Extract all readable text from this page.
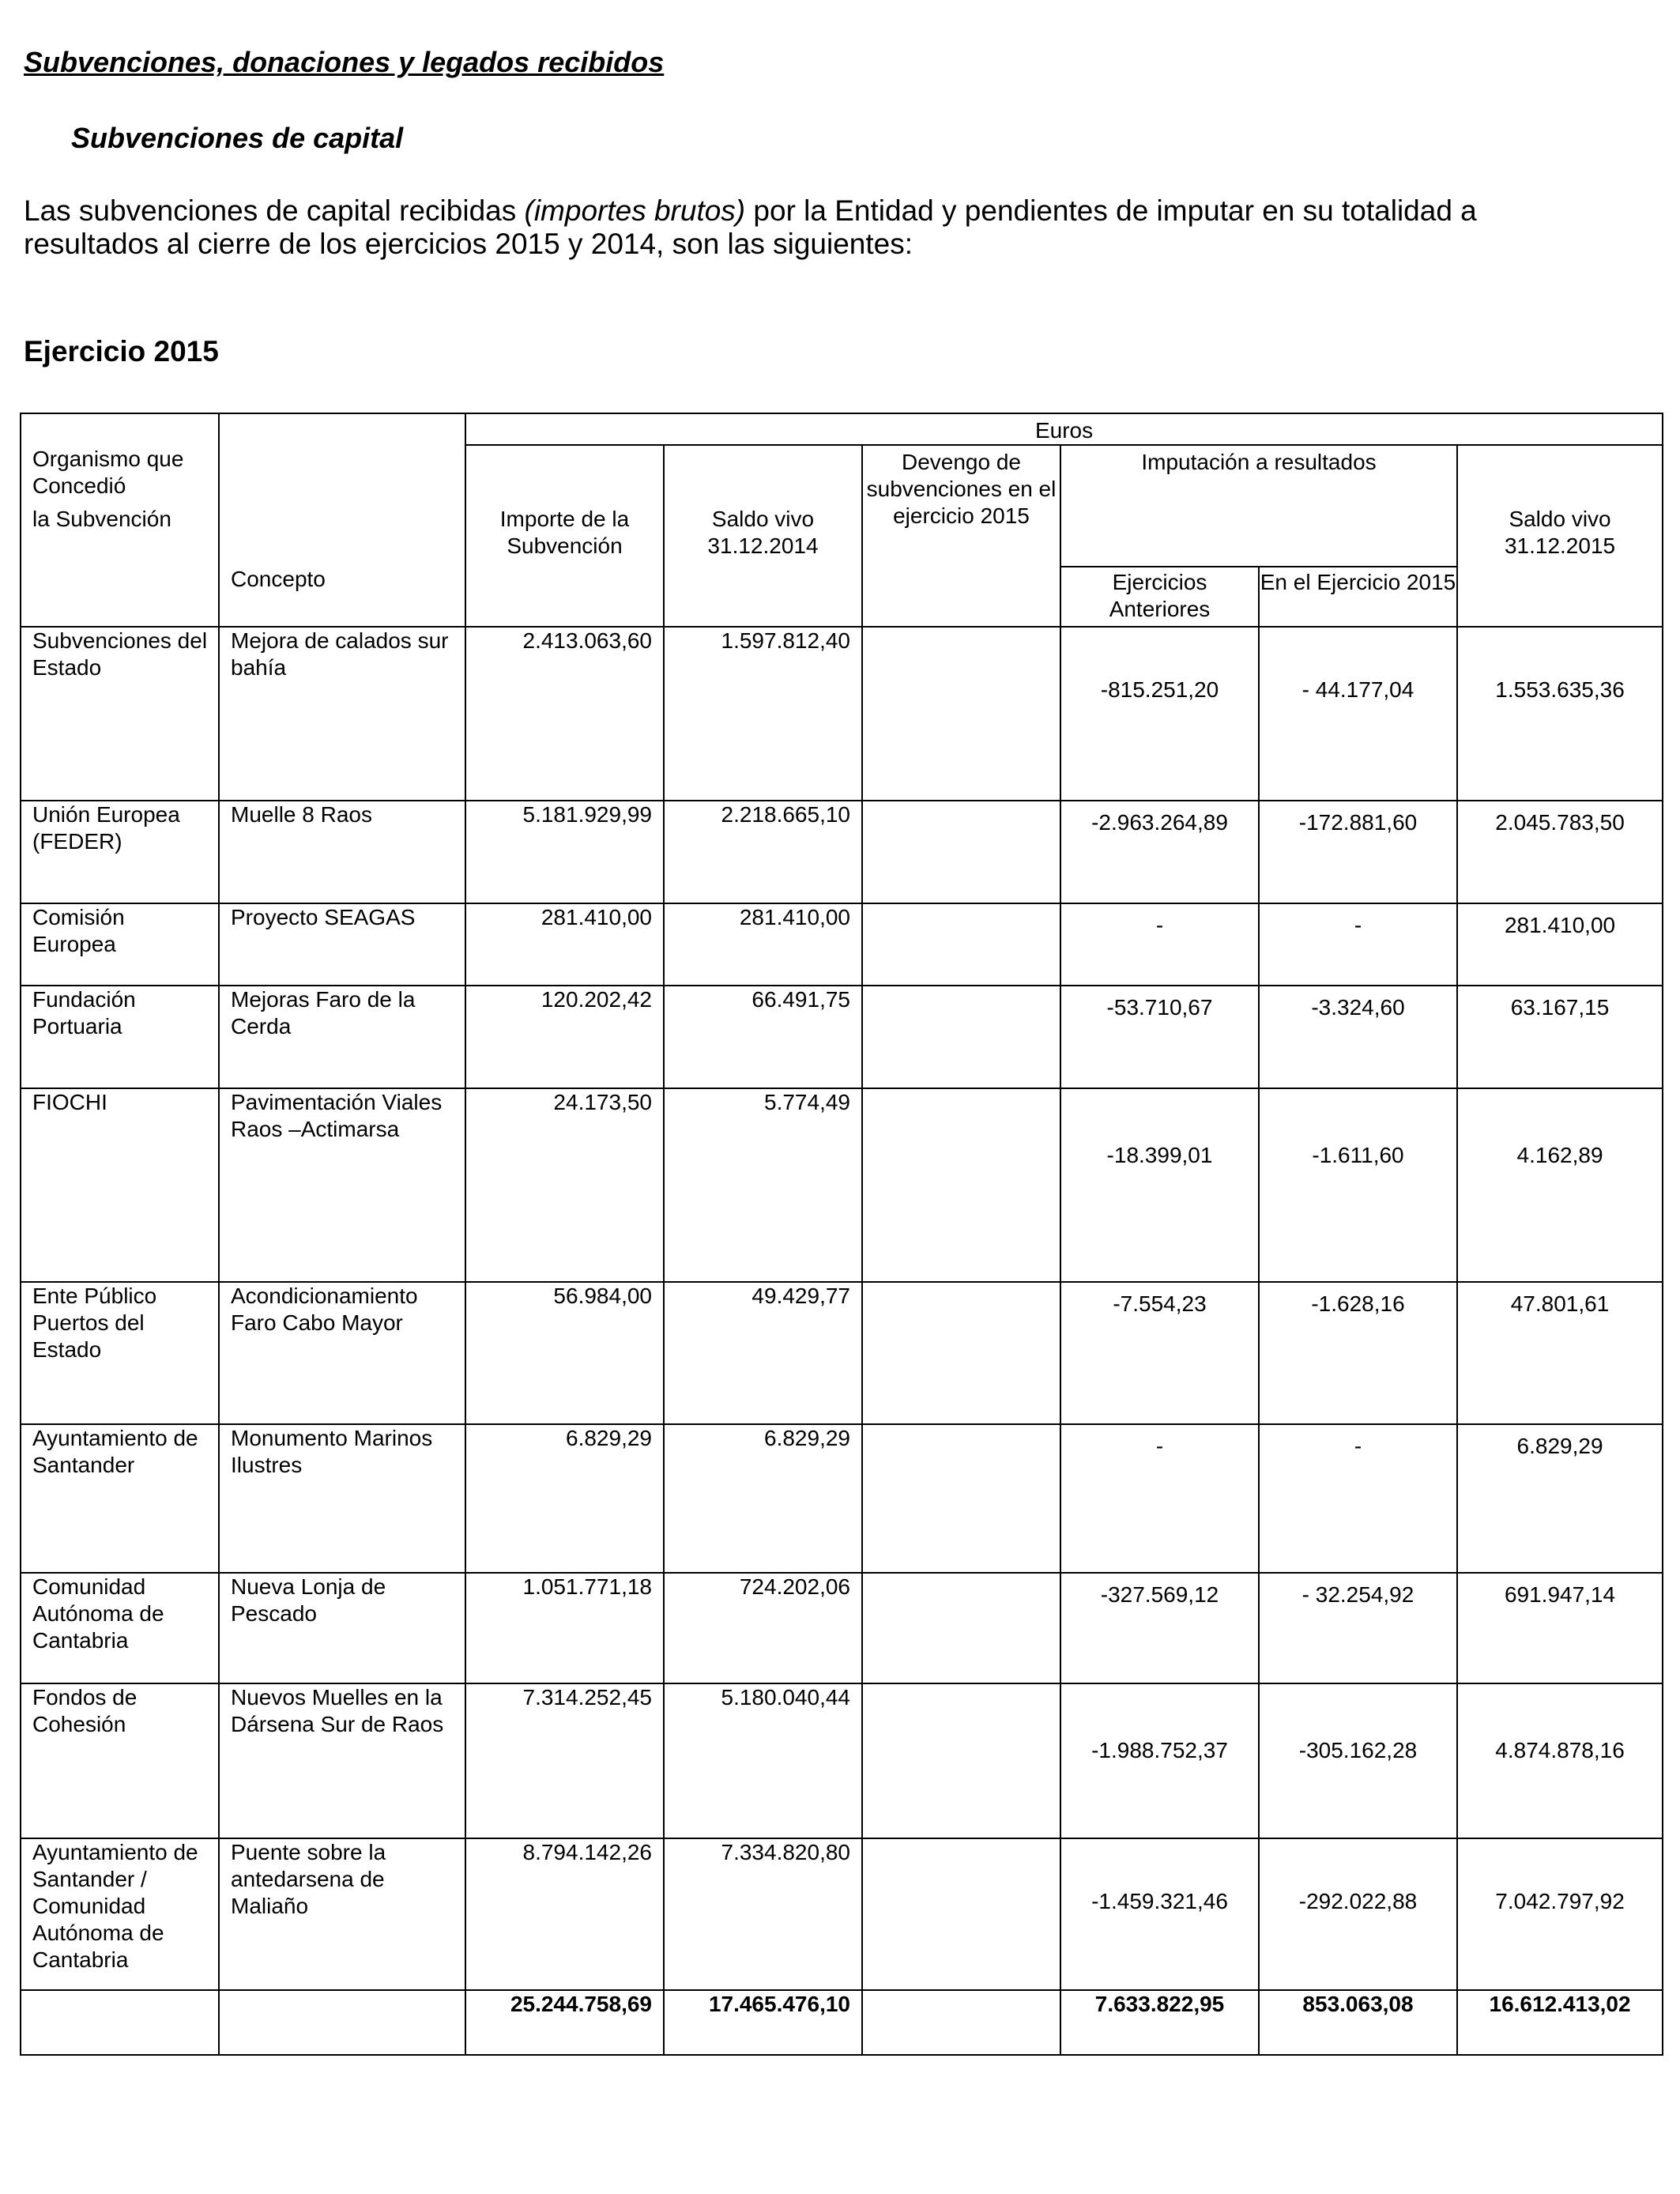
Subvenciones, donaciones y legados recibidos
Subvenciones de capital
Las subvenciones de capital recibidas (importes brutos) por la Entidad y pendientes de imputar en su totalidad a resultados al cierre de los ejercicios 2015 y 2014, son las siguientes:
Ejercicio 2015
Organismo que
Concedió
la Subvención	Concepto	Euros					
		Importe de la Subvención	Saldo vivo 31.12.2014	Devengo de subvenciones en el ejercicio 2015	Imputación a resultados		Saldo vivo 31.12.2015
					Ejercicios Anteriores	En el Ejercicio 2015	
Subvenciones del Estado	Mejora de calados sur bahía	2.413.063,60	1.597.812,40		-815.251,20	- 44.177,04	1.553.635,36
Unión Europea (FEDER)	Muelle 8 Raos	5.181.929,99	2.218.665,10		-2.963.264,89	-172.881,60	2.045.783,50
Comisión Europea	Proyecto SEAGAS	281.410,00	281.410,00		-	-	281.410,00
Fundación Portuaria	Mejoras Faro de la Cerda	120.202,42	66.491,75		-53.710,67	-3.324,60	63.167,15
FIOCHI	Pavimentación Viales Raos –Actimarsa	24.173,50	5.774,49		-18.399,01	-1.611,60	4.162,89
Ente Público Puertos del Estado	Acondicionamiento Faro Cabo Mayor	56.984,00	49.429,77		-7.554,23	-1.628,16	47.801,61
Ayuntamiento de Santander	Monumento Marinos Ilustres	6.829,29	6.829,29		-	-	6.829,29
Comunidad Autónoma de Cantabria	Nueva Lonja de Pescado	1.051.771,18	724.202,06		-327.569,12	- 32.254,92	691.947,14
Fondos de Cohesión	Nuevos Muelles en la Dársena Sur de Raos	7.314.252,45	5.180.040,44		-1.988.752,37	-305.162,28	4.874.878,16
Ayuntamiento de Santander / Comunidad Autónoma de Cantabria	Puente sobre la antedarsena de Maliaño	8.794.142,26	7.334.820,80		-1.459.321,46	-292.022,88	7.042.797,92
		25.244.758,69	17.465.476,10		7.633.822,95	853.063,08	16.612.413,02
